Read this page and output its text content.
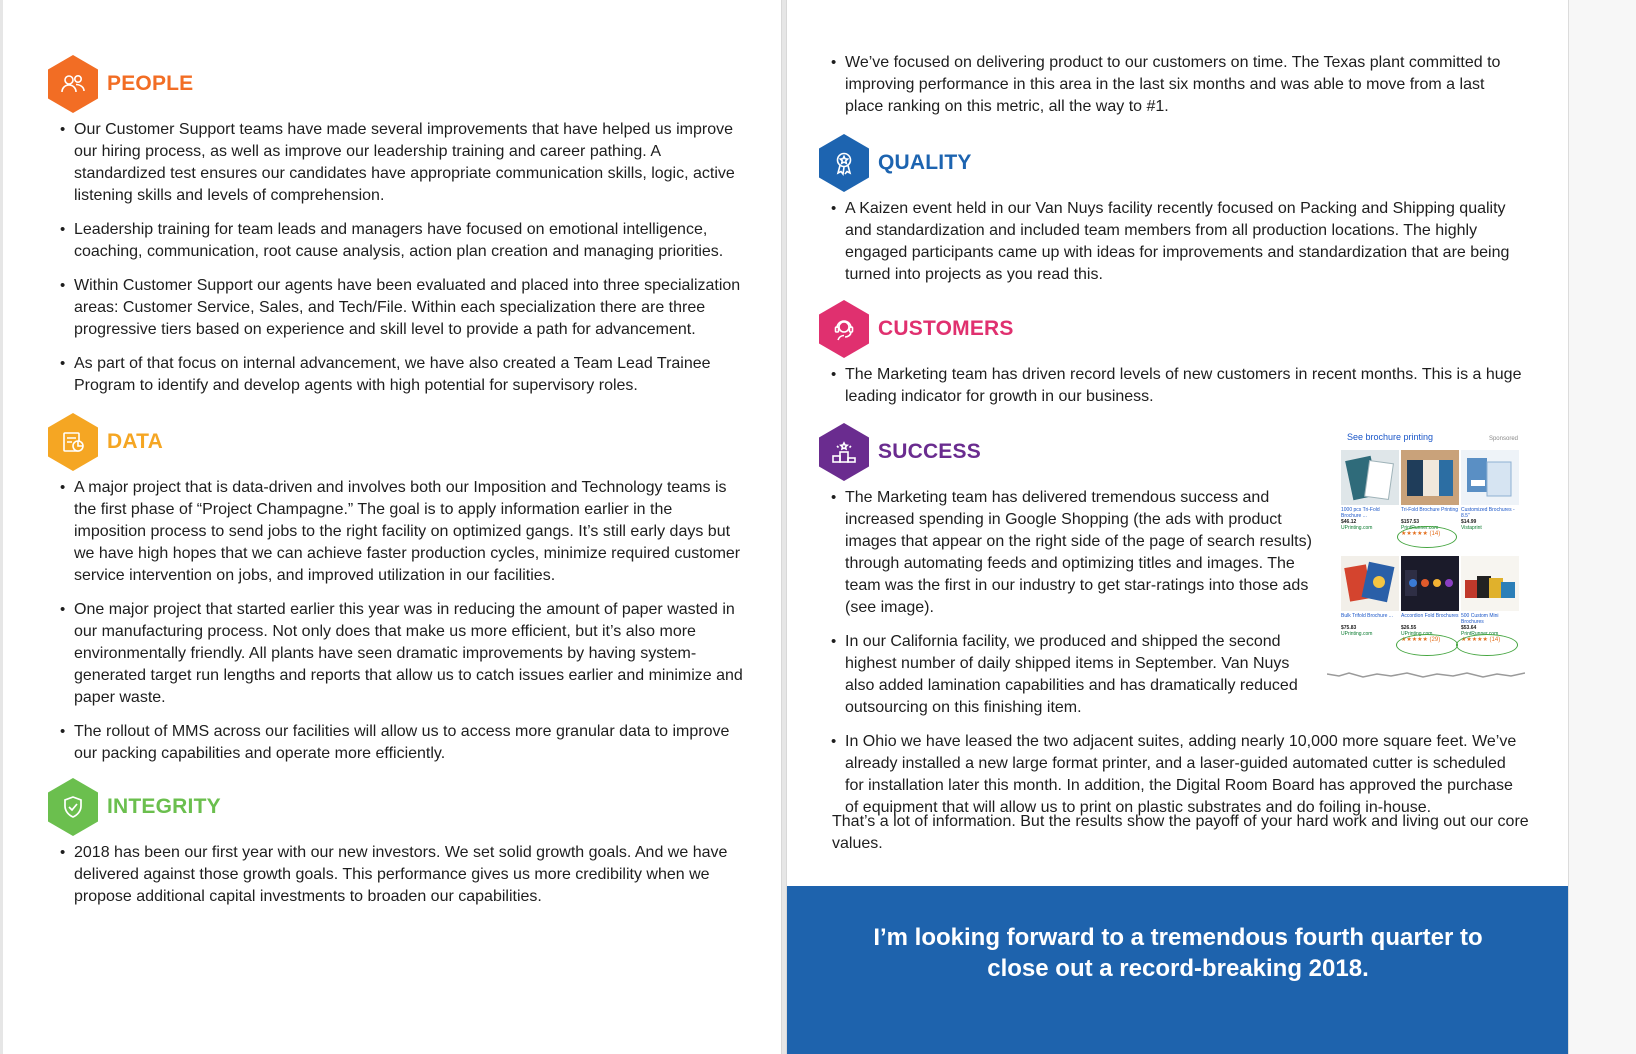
PEOPLE
• Our Customer Support teams have made several improvements that have helped us improve our hiring process, as well as improve our leadership training and career pathing. A standardized test ensures our candidates have appropriate communication skills, logic, active listening skills and levels of comprehension.
• Leadership training for team leads and managers have focused on emotional intelligence, coaching, communication, root cause analysis, action plan creation and managing priorities.
• Within Customer Support our agents have been evaluated and placed into three specialization areas: Customer Service, Sales, and Tech/File. Within each specialization there are three progressive tiers based on experience and skill level to provide a path for advancement.
• As part of that focus on internal advancement, we have also created a Team Lead Trainee Program to identify and develop agents with high potential for supervisory roles.
DATA
• A major project that is data-driven and involves both our Imposition and Technology teams is the first phase of “Project Champagne.” The goal is to apply information earlier in the imposition process to send jobs to the right facility on optimized gangs. It’s still early days but we have high hopes that we can achieve faster production cycles, minimize required customer service intervention on jobs, and improved utilization in our facilities.
• One major project that started earlier this year was in reducing the amount of paper wasted in our manufacturing process. Not only does that make us more efficient, but it’s also more environmentally friendly. All plants have seen dramatic improvements by having system-generated target run lengths and reports that allow us to catch issues earlier and minimize and paper waste.
• The rollout of MMS across our facilities will allow us to access more granular data to improve our packing capabilities and operate more efficiently.
INTEGRITY
• 2018 has been our first year with our new investors. We set solid growth goals. And we have delivered against those growth goals. This performance gives us more credibility when we propose additional capital investments to broaden our capabilities.
• We’ve focused on delivering product to our customers on time. The Texas plant committed to improving performance in this area in the last six months and was able to move from a last place ranking on this metric, all the way to #1.
QUALITY
• A Kaizen event held in our Van Nuys facility recently focused on Packing and Shipping quality and standardization and included team members from all production locations. The highly engaged participants came up with ideas for improvements and standardization that are being turned into projects as you read this.
CUSTOMERS
• The Marketing team has driven record levels of new customers in recent months. This is a huge leading indicator for growth in our business.
SUCCESS
• The Marketing team has delivered tremendous success and increased spending in Google Shopping (the ads with product images that appear on the right side of the page of search results) through automating feeds and optimizing titles and images. The team was the first in our industry to get star-ratings into those ads (see image).
• In our California facility, we produced and shipped the second highest number of daily shipped items in September. Van Nuys also added lamination capabilities and has dramatically reduced outsourcing on this finishing item.
• In Ohio we have leased the two adjacent suites, adding nearly 10,000 more square feet. We’ve already installed a new large format printer, and a laser-guided automated cutter is scheduled for installation later this month. In addition, the Digital Room Board has approved the purchase of equipment that will allow us to print on plastic substrates and do foiling in-house.
See brochure printing	Sponsored
1000 pcs Tri-Fold Brochure ...
$46.12
UPrinting.com
Tri-Fold Brochure Printing
$157.53
PrintRunner.com
★★★★★ (14)
Customized Brochures - 8.5"
$14.99
Vistaprint
Bulk Trifold Brochure ...
$75.83
UPrinting.com
Accordion Fold Brochures
$26.55
UPrinting.com
★★★★★ (29)
500 Custom Mini Brochures
$53.64
PrintRunner.com
★★★★★ (14)

That’s a lot of information. But the results show the payoff of your hard work and living out our core values.

I’m looking forward to a tremendous fourth quarter to close out a record-breaking 2018.
